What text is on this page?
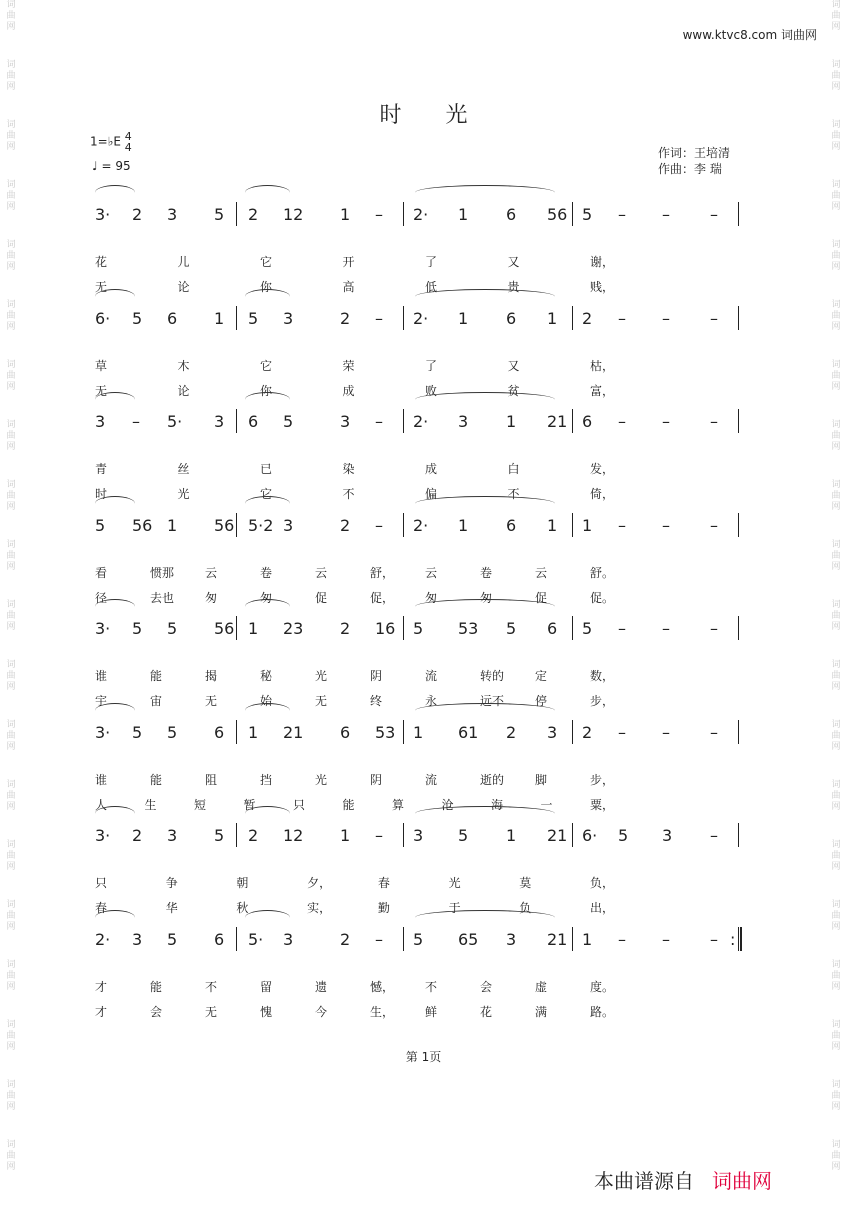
词
曲
网
词
曲
网
词
曲
网
词
曲
网
词
曲
网
词
曲
网
词
曲
网
词
曲
网
词
曲
网
词
曲
网
词
曲
网
词
曲
网
词
曲
网
词
曲
网
词
曲
网
词
曲
网
词
曲
网
词
曲
网
词
曲
网
词
曲
网
词
曲
网
词
曲
网
词
曲
网
词
曲
网
词
曲
网
词
曲
网
词
曲
网
词
曲
网
词
曲
网
词
曲
网
词
曲
网
词
曲
网
词
曲
网
词
曲
网
词
曲
网
词
曲
网
词
曲
网
词
曲
网
词
曲
网
词
曲
网
www.ktvc8.com 词曲网
时光
1=♭E 4
4
♩ = 95
作词：王培清
作曲：李 瑞
3· 2 3 5 2 12 1 – 2· 1 6 56 5 – –	–
花	儿	它	开	了	又	谢，
无	论	你	高	低	贵	贱，
6· 5 6 1 5 3	2 – 2· 1 6 1 2 – –	–
草	木	它	荣	了	又	枯，
无	论	你	成	败	贫	富，
3 – 5· 3 6 5	3 – 2· 3 1 21 6 – –	–
青	丝	已	染	成	白	发，
时	光	它	不	偏	不	倚，
5 56 1 56 5·2 3	2 – 2· 1 6 1 1 – –	–
看	惯那	云	卷	云	舒，	云	卷	云	舒。
径	去也	匆	匆	促	促，	匆	匆	促	促。
3· 5 5 56 1 23 2 16 5 53 5 6 5 – –	–
谁	能	揭	秘	光	阴	流	转的	定	数，
宇	宙	无	始	无	终	永	远不	停	步，
3· 5 5 6 1 21 6 53 1 61 2 3 2 – –	–
谁	能	阻	挡	光	阴	流	逝的	脚	步，
人	生	短	暂	只	能	算	沧	海	一	粟，
3· 2 3 5 2 12 1 – 3 5 1 21 6· 5 3 –
只	争	朝	夕，	春	光	莫	负，
春	华	秋	实，	勤	于	负	出，
2· 3 5 6 5· 3	2 – 5 65 3 21 1 – –	– :
才	能	不	留	遗	憾，	不	会	虚	度。
才	会	无	愧	今	生，	鲜	花	满	路。
第 1页
本曲谱源自 词曲网
